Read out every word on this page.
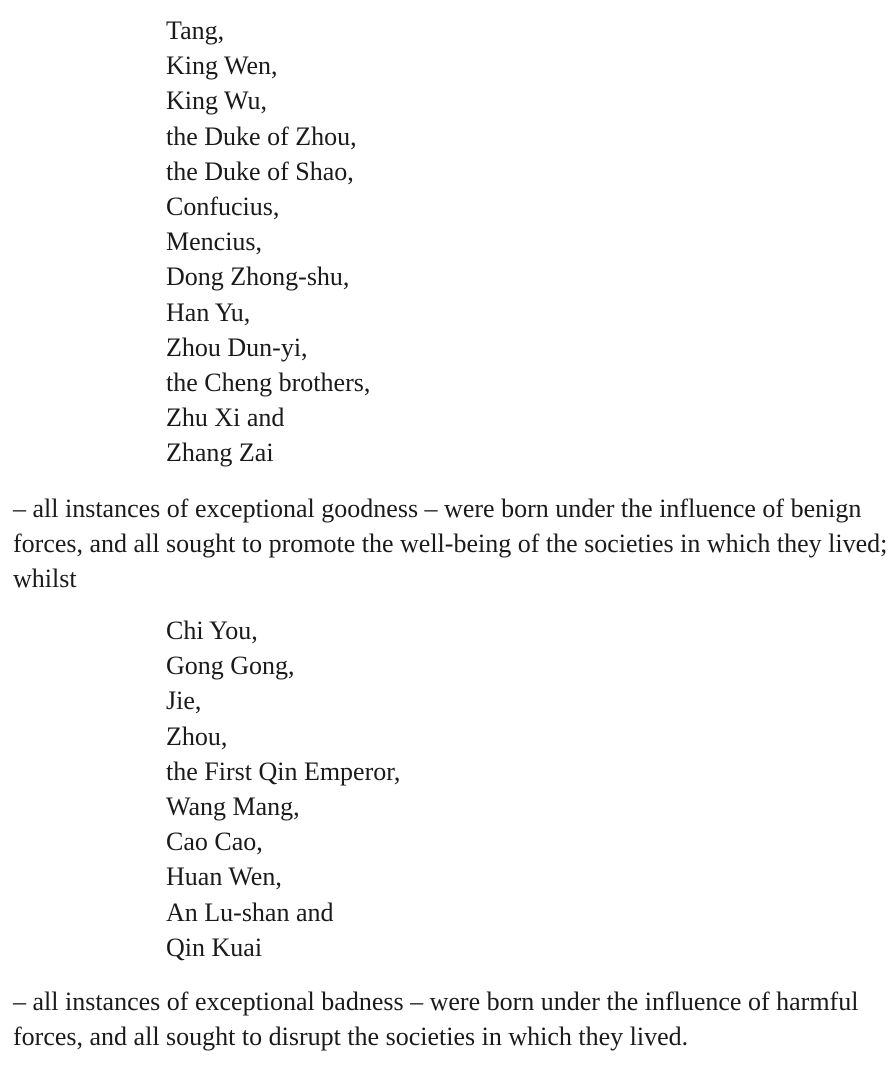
Tang,
King Wen,
King Wu,
the Duke of Zhou,
the Duke of Shao,
Confucius,
Mencius,
Dong Zhong-shu,
Han Yu,
Zhou Dun-yi,
the Cheng brothers,
Zhu Xi and
Zhang Zai

– all instances of exceptional goodness – were born under the influence of benign forces, and all sought to promote the well-being of the societies in which they lived; whilst

Chi You,
Gong Gong,
Jie,
Zhou,
the First Qin Emperor,
Wang Mang,
Cao Cao,
Huan Wen,
An Lu-shan and
Qin Kuai

– all instances of exceptional badness – were born under the influence of harmful forces, and all sought to disrupt the societies in which they lived.
